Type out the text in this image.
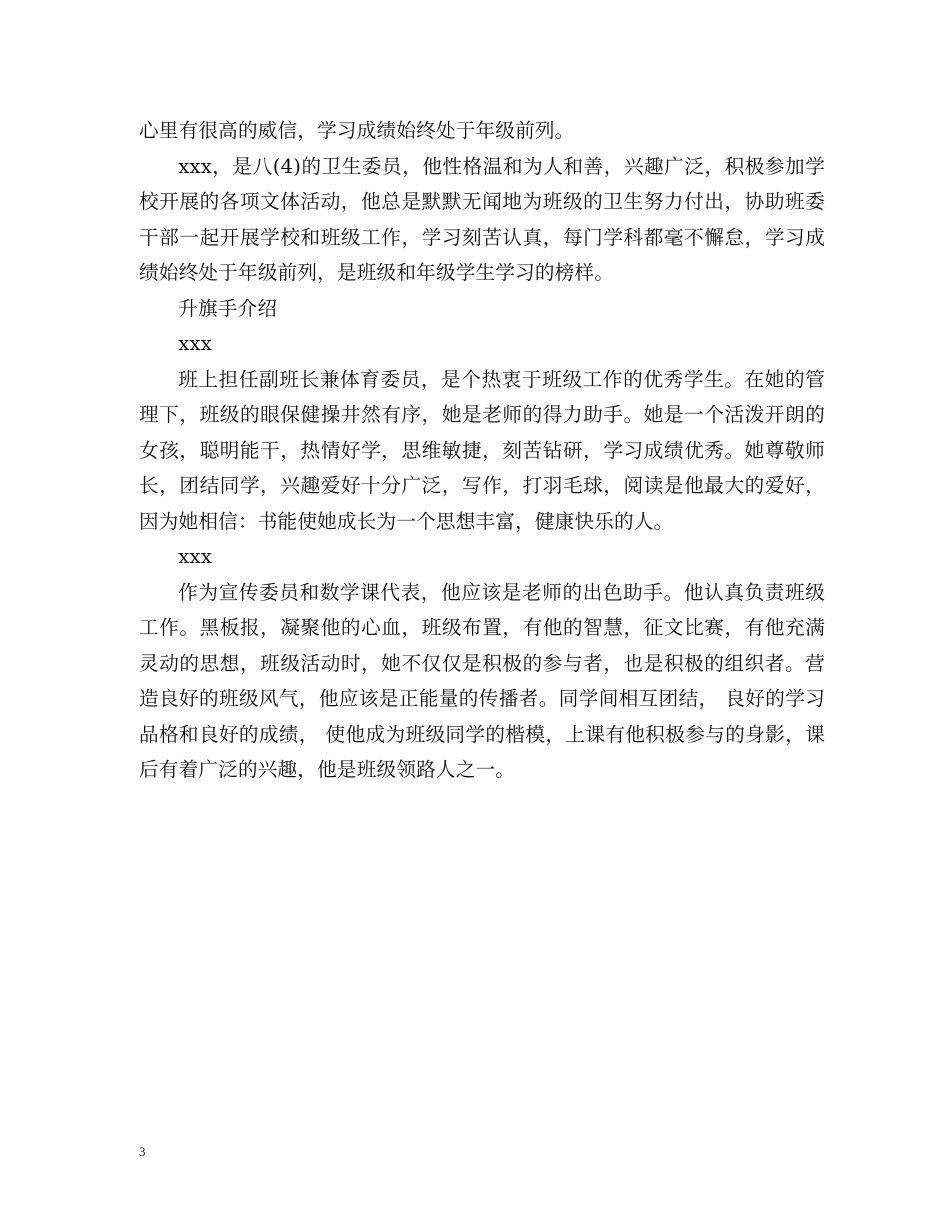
心里有很高的威信，学习成绩始终处于年级前列。

xxx，是八(4)的卫生委员，他性格温和为人和善，兴趣广泛，积极参加学校开展的各项文体活动，他总是默默无闻地为班级的卫生努力付出，协助班委干部一起开展学校和班级工作，学习刻苦认真，每门学科都毫不懈怠，学习成绩始终处于年级前列，是班级和年级学生学习的榜样。

升旗手介绍

xxx

班上担任副班长兼体育委员，是个热衷于班级工作的优秀学生。在她的管理下，班级的眼保健操井然有序，她是老师的得力助手。她是一个活泼开朗的女孩，聪明能干，热情好学，思维敏捷，刻苦钻研，学习成绩优秀。她尊敬师长，团结同学，兴趣爱好十分广泛，写作，打羽毛球，阅读是他最大的爱好，因为她相信：书能使她成长为一个思想丰富，健康快乐的人。

xxx

作为宣传委员和数学课代表，他应该是老师的出色助手。他认真负责班级工作。黑板报，凝聚他的心血，班级布置，有他的智慧，征文比赛，有他充满灵动的思想，班级活动时，她不仅仅是积极的参与者，也是积极的组织者。营造良好的班级风气，他应该是正能量的传播者。同学间相互团结， 良好的学习品格和良好的成绩， 使他成为班级同学的楷模，上课有他积极参与的身影，课后有着广泛的兴趣，他是班级领路人之一。

3
